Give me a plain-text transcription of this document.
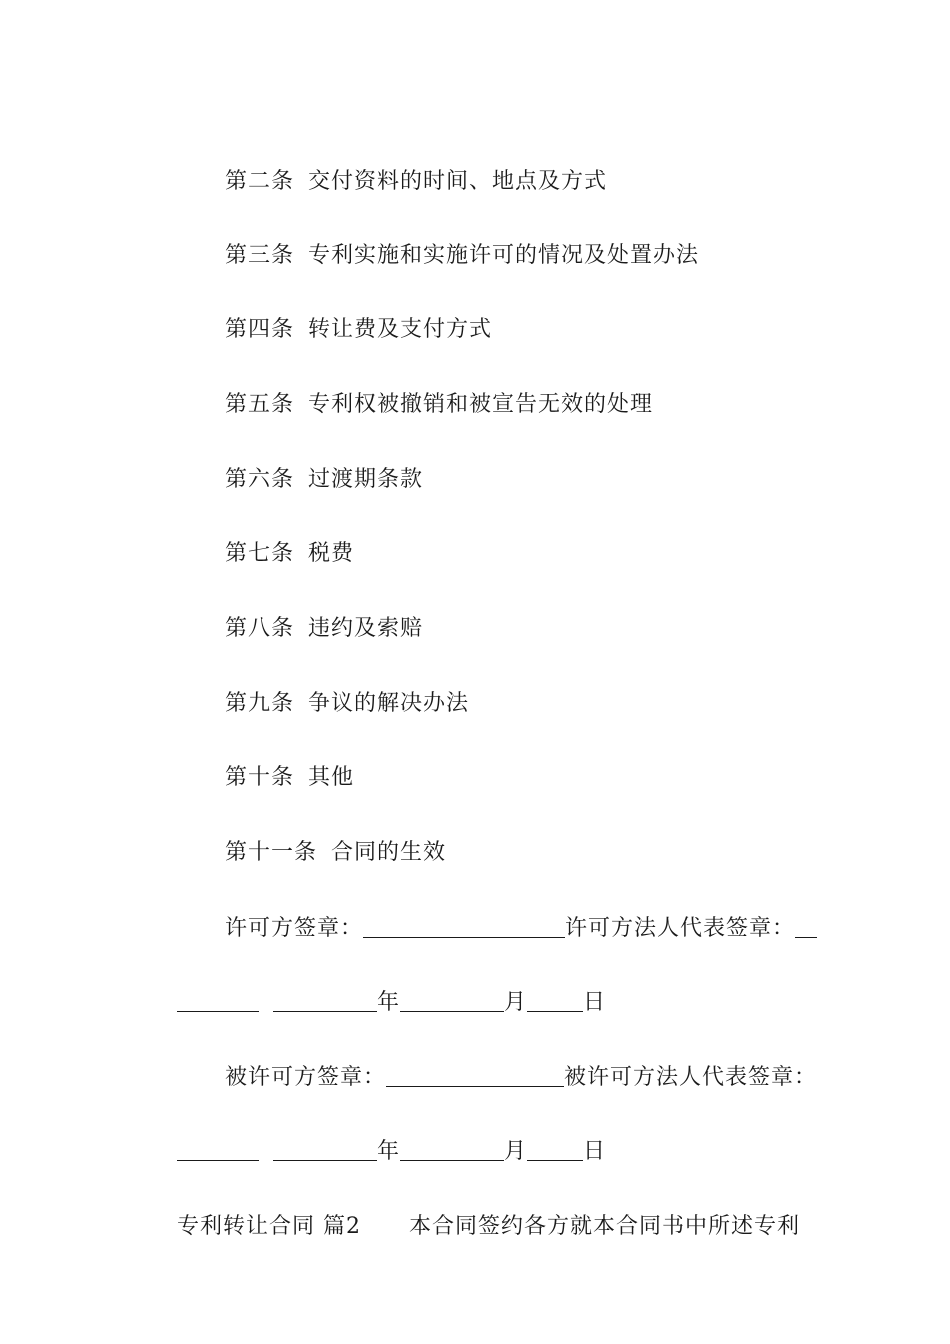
第二条 交付资料的时间、地点及方式

第三条 专利实施和实施许可的情况及处置办法

第四条 转让费及支付方式

第五条 专利权被撤销和被宣告无效的处理

第六条 过渡期条款

第七条 税费

第八条 违约及索赔

第九条 争议的解决办法

第十条 其他

第十一条 合同的生效

许可方签章：	许可方法人代表签章：

年	月	日

被许可方签章：	被许可方法人代表签章：

年	月	日

专利转让合同 篇2 本合同签约各方就本合同书中所述专利
